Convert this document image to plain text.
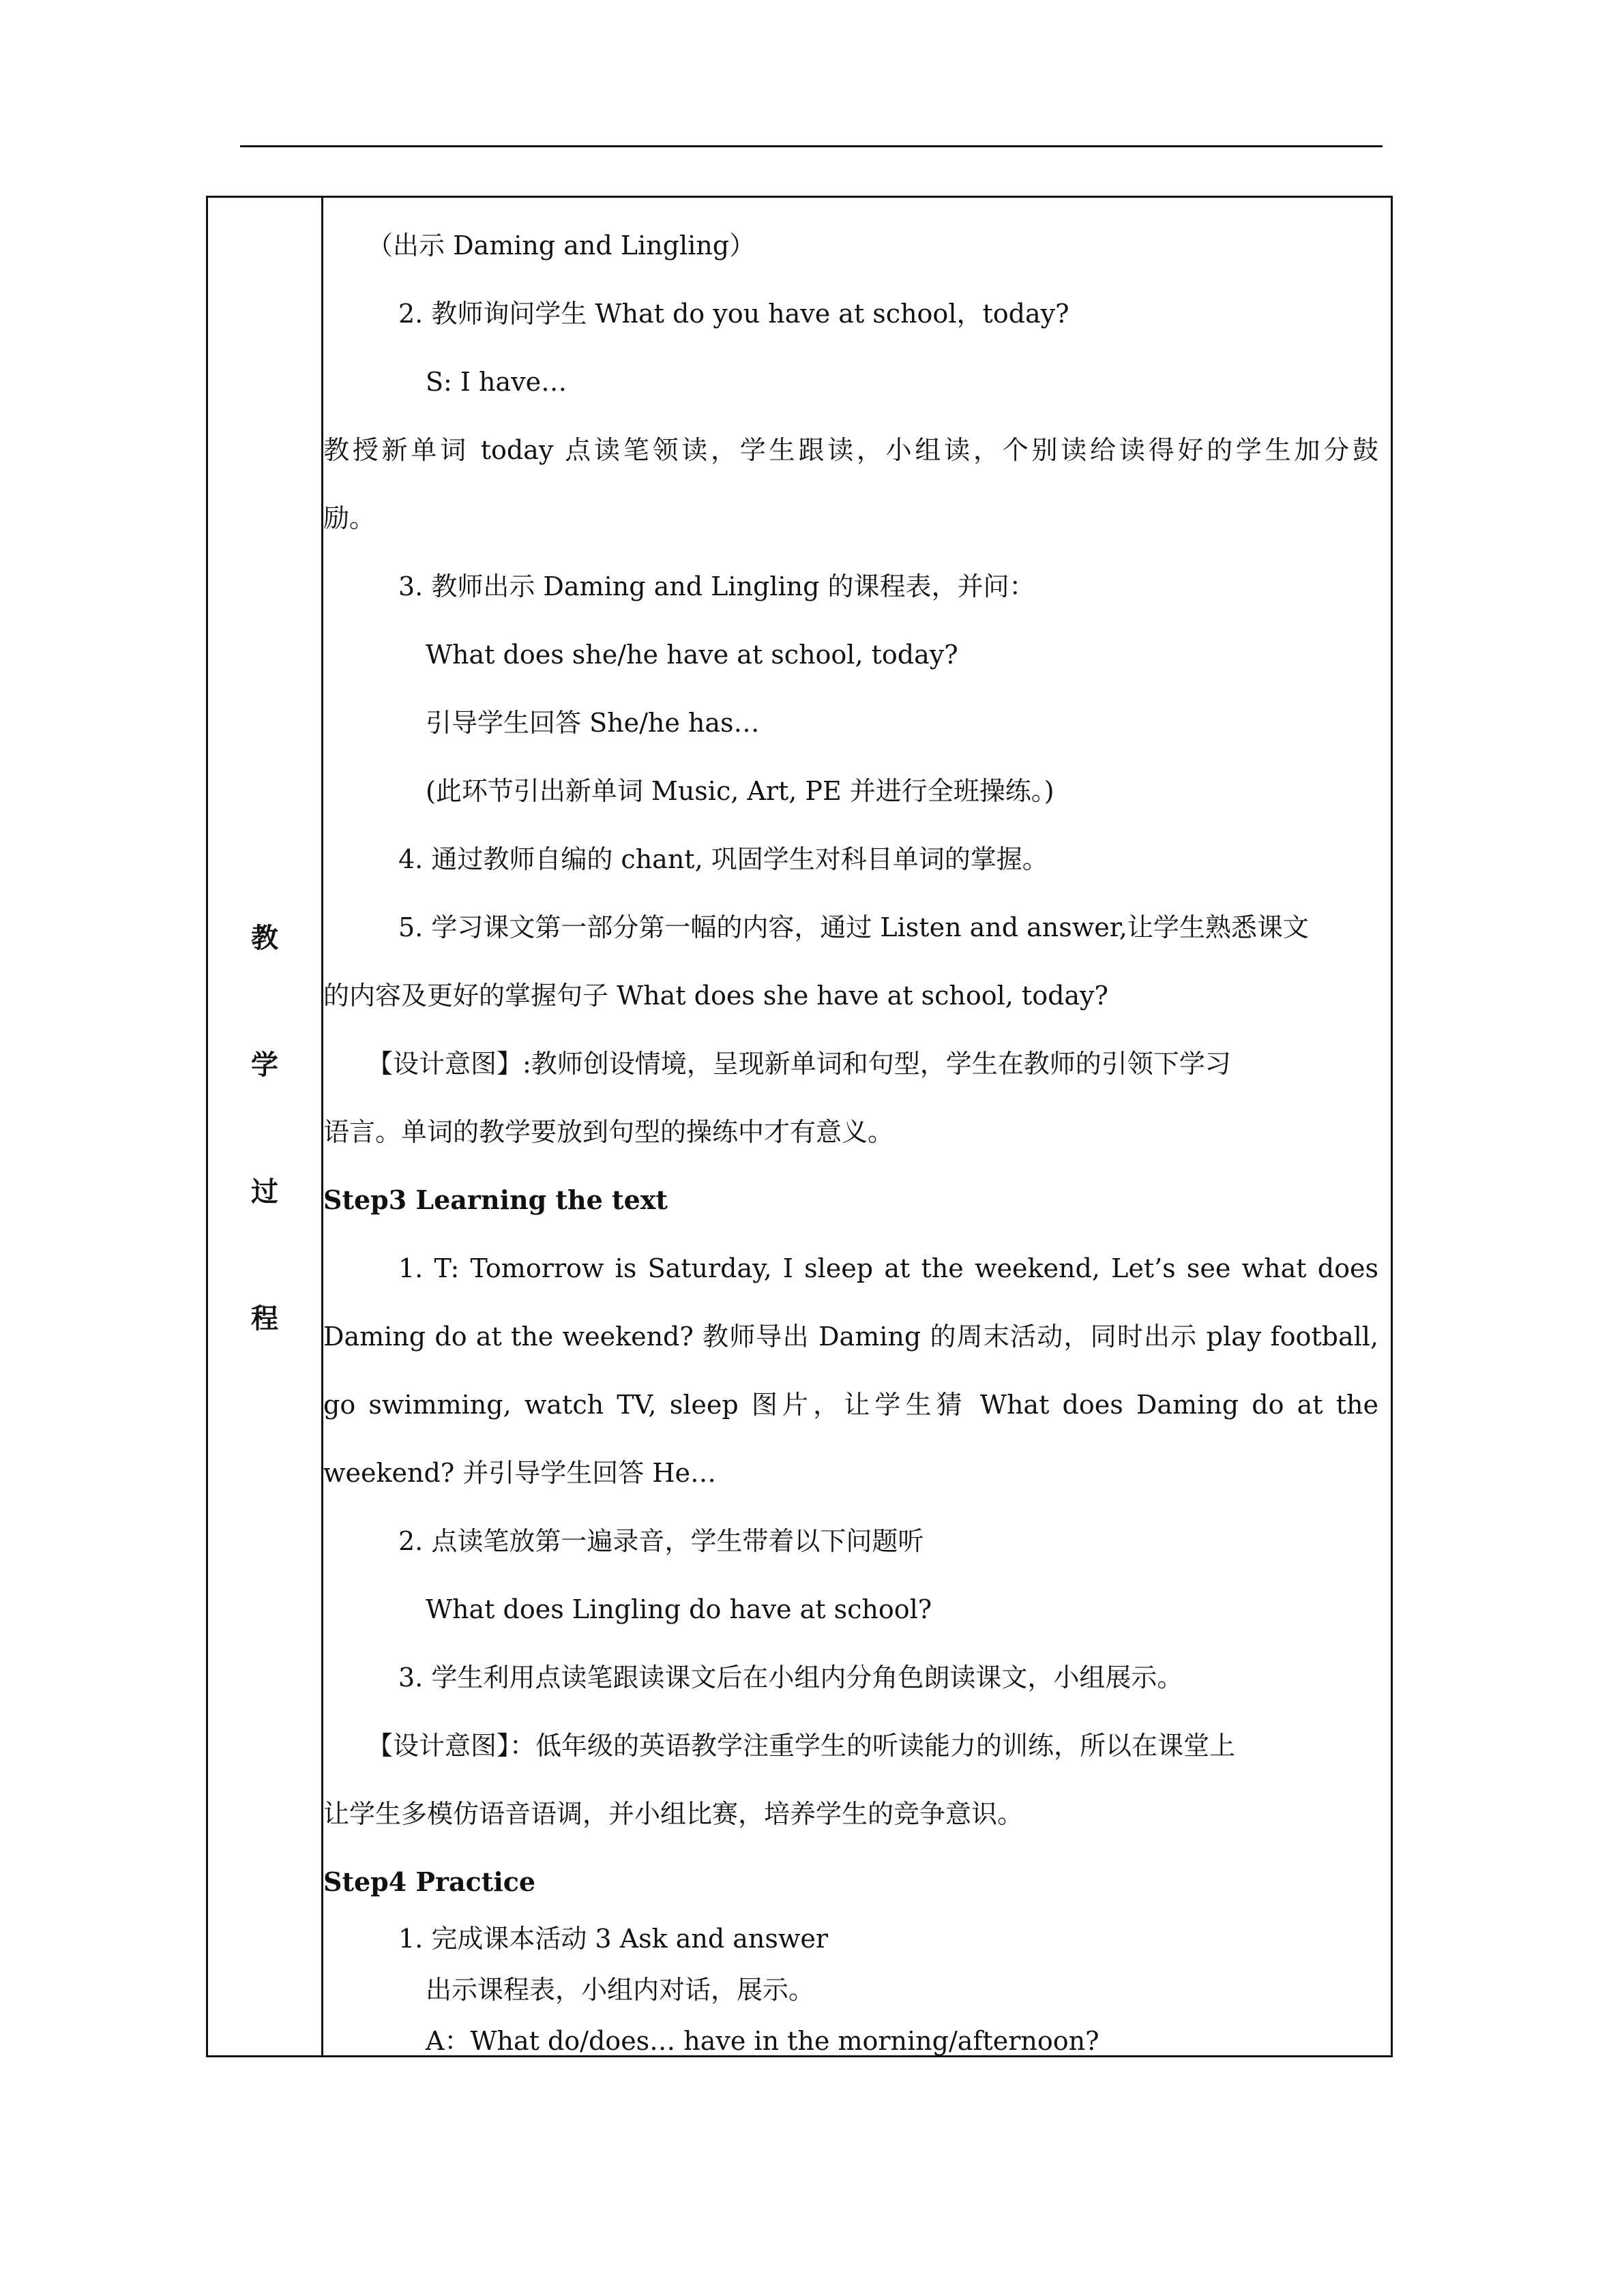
教
学
过
程
（出示 Daming and Lingling）
2. 教师询问学生 What do you have at school，today?
S: I have…
教授新单词 today 点读笔领读，学生跟读，小组读，个别读给读得好的学生加分鼓
励。
3. 教师出示 Daming and Lingling 的课程表，并问：
What does she/he have at school, today?
引导学生回答 She/he has…
(此环节引出新单词 Music, Art, PE 并进行全班操练。)
4. 通过教师自编的 chant, 巩固学生对科目单词的掌握。
5. 学习课文第一部分第一幅的内容，通过 Listen and answer,让学生熟悉课文
的内容及更好的掌握句子 What does she have at school, today?
【设计意图】:教师创设情境，呈现新单词和句型，学生在教师的引领下学习
语言。单词的教学要放到句型的操练中才有意义。
Step3 Learning the text
1. T: Tomorrow is Saturday, I sleep at the weekend, Let’s see what does
Daming do at the weekend? 教师导出 Daming 的周末活动，同时出示 play football,
go swimming, watch TV, sleep 图片，让学生猜 What does Daming do at the
weekend? 并引导学生回答 He…
2. 点读笔放第一遍录音，学生带着以下问题听
What does Lingling do have at school?
3. 学生利用点读笔跟读课文后在小组内分角色朗读课文，小组展示。
【设计意图】：低年级的英语教学注重学生的听读能力的训练，所以在课堂上
让学生多模仿语音语调，并小组比赛，培养学生的竞争意识。
Step4 Practice
1. 完成课本活动 3 Ask and answer
出示课程表，小组内对话，展示。
A：What do/does… have in the morning/afternoon?
